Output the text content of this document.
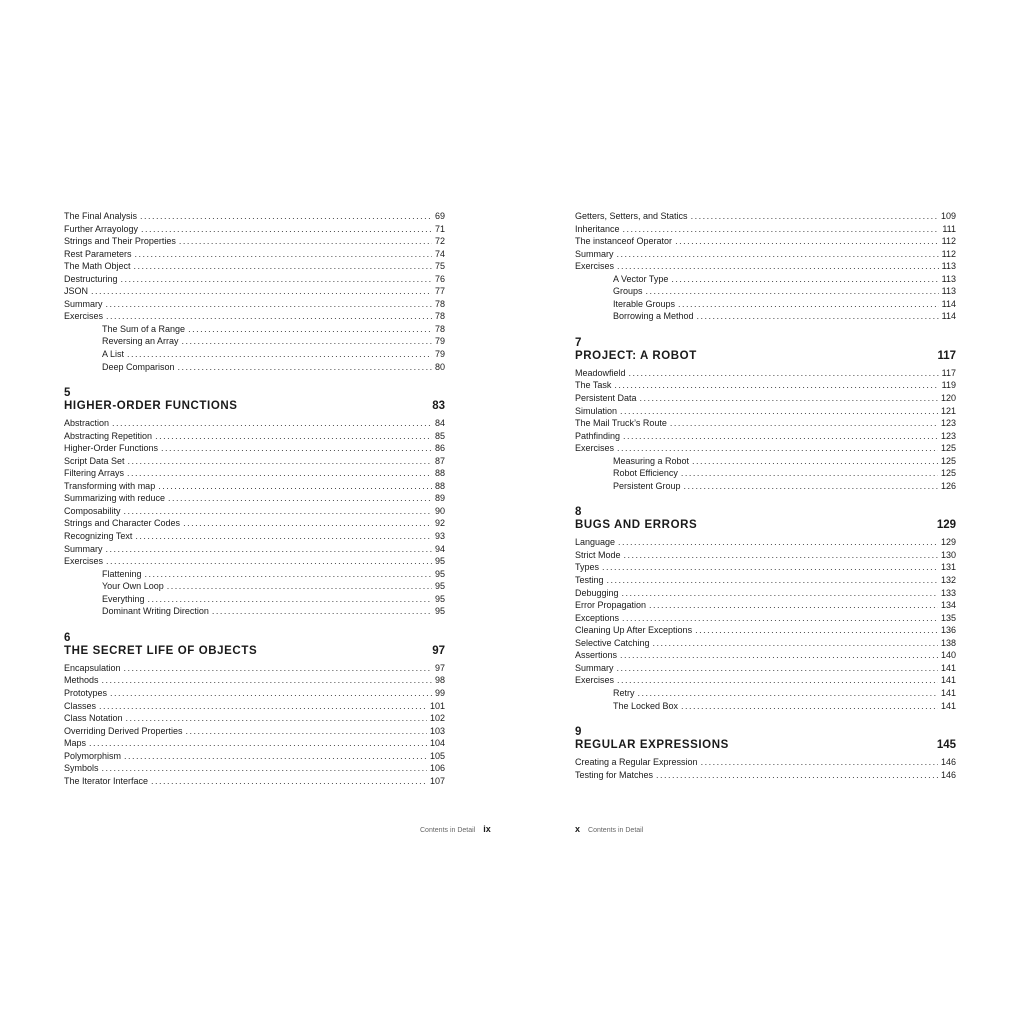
The Final Analysis . . .	69
Further Arrayology . . .	71
Strings and Their Properties . . .	72
Rest Parameters . . .	74
The Math Object . . .	75
Destructuring . . .	76
JSON . . .	77
Summary . . .	78
Exercises . . .	78
The Sum of a Range . . .	78
Reversing an Array . . .	79
A List . . .	79
Deep Comparison . . .	80
5
HIGHER-ORDER FUNCTIONS	83
Abstraction . . .	84
Abstracting Repetition . . .	85
Higher-Order Functions . . .	86
Script Data Set . . .	87
Filtering Arrays . . .	88
Transforming with map . . .	88
Summarizing with reduce . . .	89
Composability . . .	90
Strings and Character Codes . . .	92
Recognizing Text . . .	93
Summary . . .	94
Exercises . . .	95
Flattening . . .	95
Your Own Loop . . .	95
Everything . . .	95
Dominant Writing Direction . . .	95
6
THE SECRET LIFE OF OBJECTS	97
Encapsulation . . .	97
Methods . . .	98
Prototypes . . .	99
Classes . . .	101
Class Notation . . .	102
Overriding Derived Properties . . .	103
Maps . . .	104
Polymorphism . . .	105
Symbols . . .	106
The Iterator Interface . . .	107
Getters, Setters, and Statics . . .	109
Inheritance . . .	111
The instanceof Operator . . .	112
Summary . . .	112
Exercises . . .	113
A Vector Type . . .	113
Groups . . .	113
Iterable Groups . . .	114
Borrowing a Method . . .	114
7
PROJECT: A ROBOT	117
Meadowfield . . .	117
The Task . . .	119
Persistent Data . . .	120
Simulation . . .	121
The Mail Truck’s Route . . .	123
Pathfinding . . .	123
Exercises . . .	125
Measuring a Robot . . .	125
Robot Efficiency . . .	125
Persistent Group . . .	126
8
BUGS AND ERRORS	129
Language . . .	129
Strict Mode . . .	130
Types . . .	131
Testing . . .	132
Debugging . . .	133
Error Propagation . . .	134
Exceptions . . .	135
Cleaning Up After Exceptions . . .	136
Selective Catching . . .	138
Assertions . . .	140
Summary . . .	141
Exercises . . .	141
Retry . . .	141
The Locked Box . . .	141
9
REGULAR EXPRESSIONS	145
Creating a Regular Expression . . .	146
Testing for Matches . . .	146
Contents in Detail ix	x Contents in Detail
